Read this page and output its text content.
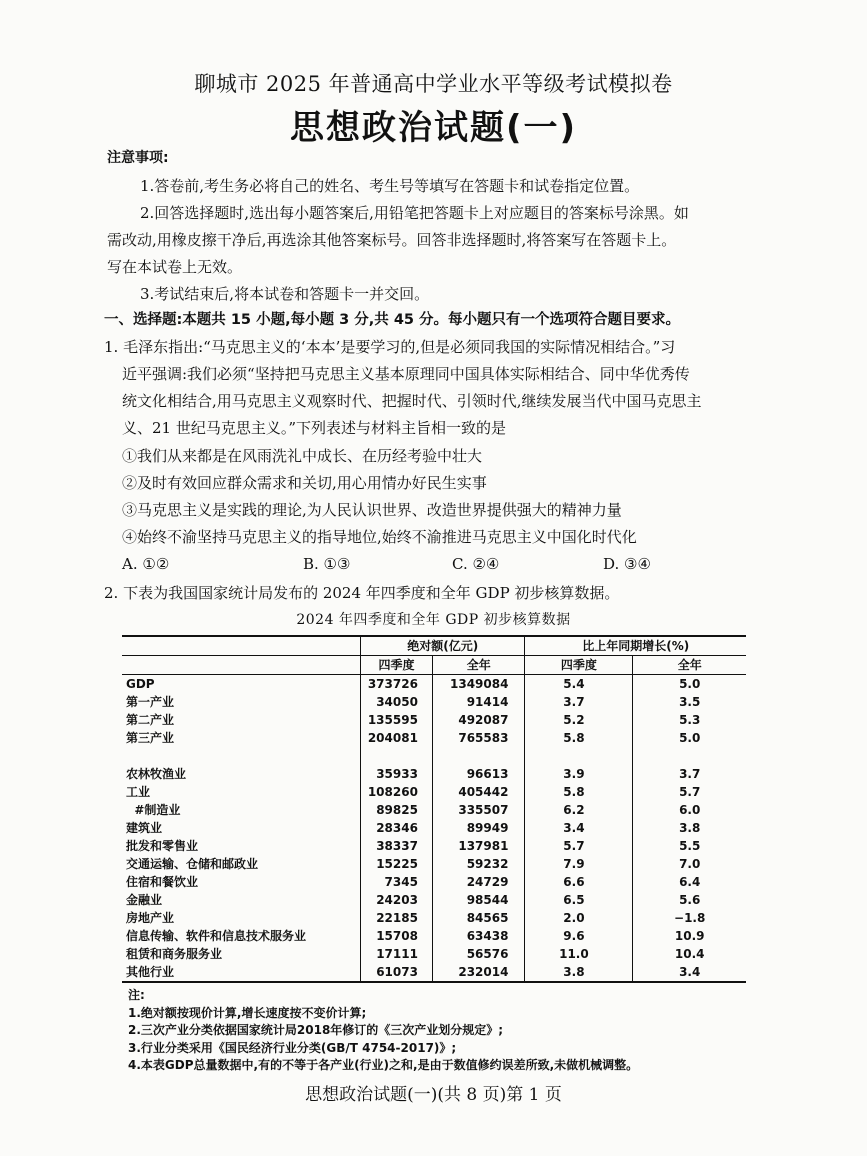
聊城市 2025 年普通高中学业水平等级考试模拟卷
思想政治试题(一)
注意事项:
1.答卷前,考生务必将自己的姓名、考生号等填写在答题卡和试卷指定位置。
2.回答选择题时,选出每小题答案后,用铅笔把答题卡上对应题目的答案标号涂黑。如
需改动,用橡皮擦干净后,再选涂其他答案标号。回答非选择题时,将答案写在答题卡上。
写在本试卷上无效。
3.考试结束后,将本试卷和答题卡一并交回。
一、选择题:本题共 15 小题,每小题 3 分,共 45 分。每小题只有一个选项符合题目要求。
1. 毛泽东指出:“马克思主义的‘本本’是要学习的,但是必须同我国的实际情况相结合。”习
近平强调:我们必须“坚持把马克思主义基本原理同中国具体实际相结合、同中华优秀传
统文化相结合,用马克思主义观察时代、把握时代、引领时代,继续发展当代中国马克思主
义、21 世纪马克思主义。”下列表述与材料主旨相一致的是
①我们从来都是在风雨洗礼中成长、在历经考验中壮大
②及时有效回应群众需求和关切,用心用情办好民生实事
③马克思主义是实践的理论,为人民认识世界、改造世界提供强大的精神力量
④始终不渝坚持马克思主义的指导地位,始终不渝推进马克思主义中国化时代化
A. ①②	B. ①③	C. ②④	D. ③④
2. 下表为我国国家统计局发布的 2024 年四季度和全年 GDP 初步核算数据。
2024 年四季度和全年 GDP 初步核算数据
	绝对额(亿元)		比上年同期增长(%)	
	四季度	全年	四季度	全年
GDP	373726	1349084	5.4	5.0
第一产业	34050	91414	3.7	3.5
第二产业	135595	492087	5.2	5.3
第三产业	204081	765583	5.8	5.0

农林牧渔业	35933	96613	3.9	3.7
工业	108260	405442	5.8	5.7
#制造业	89825	335507	6.2	6.0
建筑业	28346	89949	3.4	3.8
批发和零售业	38337	137981	5.7	5.5
交通运输、仓储和邮政业	15225	59232	7.9	7.0
住宿和餐饮业	7345	24729	6.6	6.4
金融业	24203	98544	6.5	5.6
房地产业	22185	84565	2.0	−1.8
信息传输、软件和信息技术服务业	15708	63438	9.6	10.9
租赁和商务服务业	17111	56576	11.0	10.4
其他行业	61073	232014	3.8	3.4
注:
1.绝对额按现价计算,增长速度按不变价计算;
2.三次产业分类依据国家统计局2018年修订的《三次产业划分规定》;
3.行业分类采用《国民经济行业分类(GB/T 4754-2017)》;
4.本表GDP总量数据中,有的不等于各产业(行业)之和,是由于数值修约误差所致,未做机械调整。
思想政治试题(一)(共 8 页)第 1 页
